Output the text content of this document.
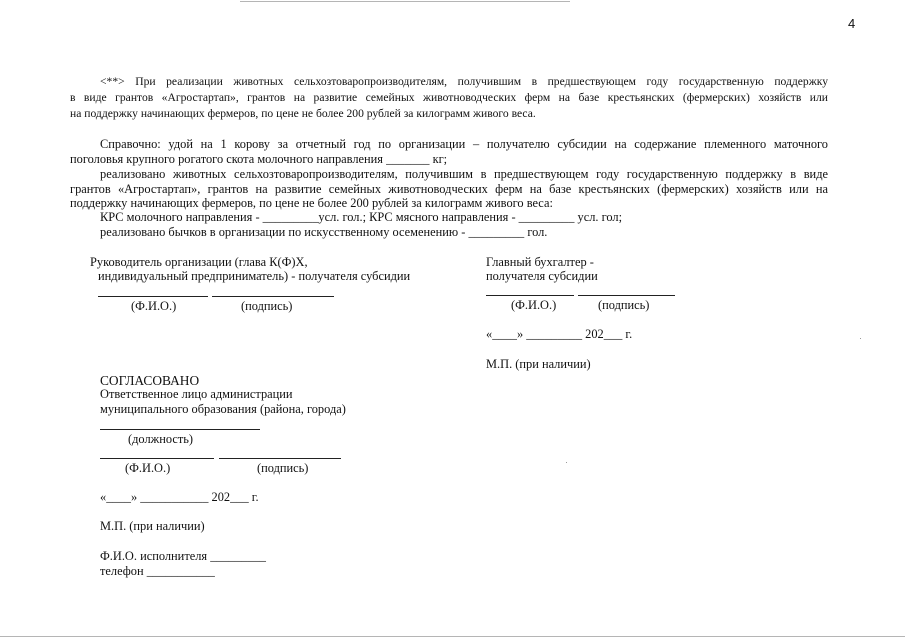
4
<**> При реализации животных сельхозтоваропроизводителям, получившим в предшествующем году государственную поддержку
в виде грантов «Агростартап», грантов на развитие семейных животноводческих ферм на базе крестьянских (фермерских) хозяйств или
на поддержку начинающих фермеров, по цене не более 200 рублей за килограмм живого веса.
Справочно: удой на 1 корову за отчетный год по организации – получателю субсидии на содержание племенного маточного
поголовья крупного рогатого скота молочного направления _______ кг;
реализовано животных сельхозтоваропроизводителям, получившим в предшествующем году государственную поддержку в виде
грантов «Агростартап», грантов на развитие семейных животноводческих ферм на базе крестьянских (фермерских) хозяйств или на
поддержку начинающих фермеров, по цене не более 200 рублей за килограмм живого веса:
КРС молочного направления - _________усл. гол.; КРС мясного направления - _________ усл. гол;
реализовано бычков в организации по искусственному осеменению - _________ гол.
Руководитель организации (глава К(Ф)Х,
индивидуальный предприниматель) - получателя субсидии
(Ф.И.О.)	(подпись)
Главный бухгалтер -
получателя субсидии
(Ф.И.О.)	(подпись)
«____» _________ 202___ г.
М.П. (при наличии)
СОГЛАСОВАНО
Ответственное лицо администрации
муниципального образования (района, города)
(должность)
(Ф.И.О.)	(подпись)
«____» ___________ 202___ г.
М.П. (при наличии)
Ф.И.О. исполнителя _________
телефон ___________
